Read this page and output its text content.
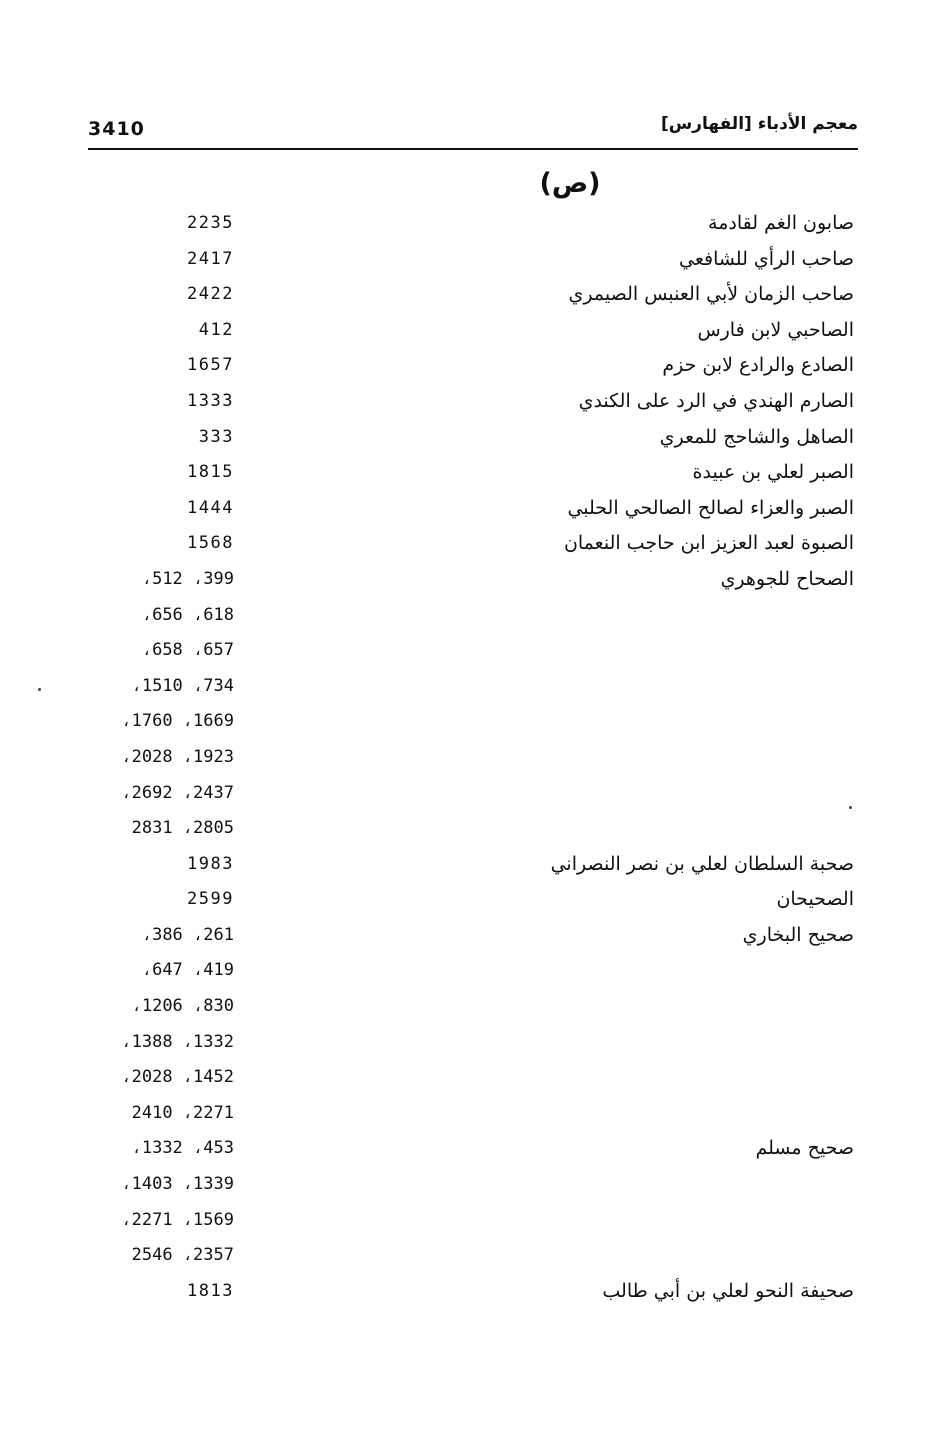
3410	معجم الأدباء [الفهارس]
(ص)
صابون الغم لقادمة
2235
صاحب الرأي للشافعي
2417
صاحب الزمان لأبي العنبس الصيمري
2422
الصاحبي لابن فارس
412
الصادع والرادع لابن حزم
1657
الصارم الهندي في الرد على الكندي
1333
الصاهل والشاحج للمعري
333
الصبر لعلي بن عبيدة
1815
الصبر والعزاء لصالح الصالحي الحلبي
1444
الصبوة لعبد العزيز ابن حاجب النعمان
1568
الصحاح للجوهري
399، 512،
618، 656،
657، 658،
734، 1510،
1669، 1760،
1923، 2028،
2437، 2692،
2805، 2831
صحبة السلطان لعلي بن نصر النصراني
1983
الصحيحان
2599
صحيح البخاري
261، 386،
419، 647،
830، 1206،
1332، 1388،
1452، 2028،
2271، 2410
صحيح مسلم
453، 1332،
1339، 1403،
1569، 2271،
2357، 2546
صحيفة النحو لعلي بن أبي طالب
1813
